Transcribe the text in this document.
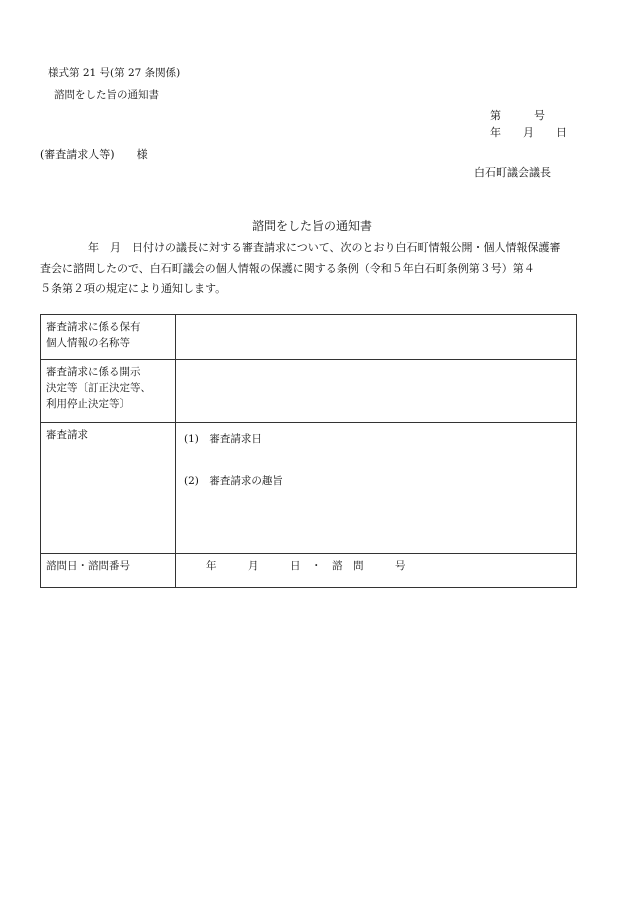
様式第 21 号(第 27 条関係)
諮問をした旨の通知書
第　　　号
年　　月　　日
(審査請求人等)　　様
白石町議会議長
諮問をした旨の通知書

年　月　日付けの議長に対する審査請求について、次のとおり白石町情報公開・個人情報保護審

査会に諮問したので、白石町議会の個人情報の保護に関する条例（令和５年白石町条例第３号）第４

５条第２項の規定により通知します。

審査請求に係る保有
個人情報の名称等	

審査請求に係る開示
決定等〔訂正決定等、
利用停止決定等〕	

審査請求	(1) 審査請求日
(2) 審査請求の趣旨

諮問日・諮問番号	年　　　月　　　日　・　諮　問　　　号
